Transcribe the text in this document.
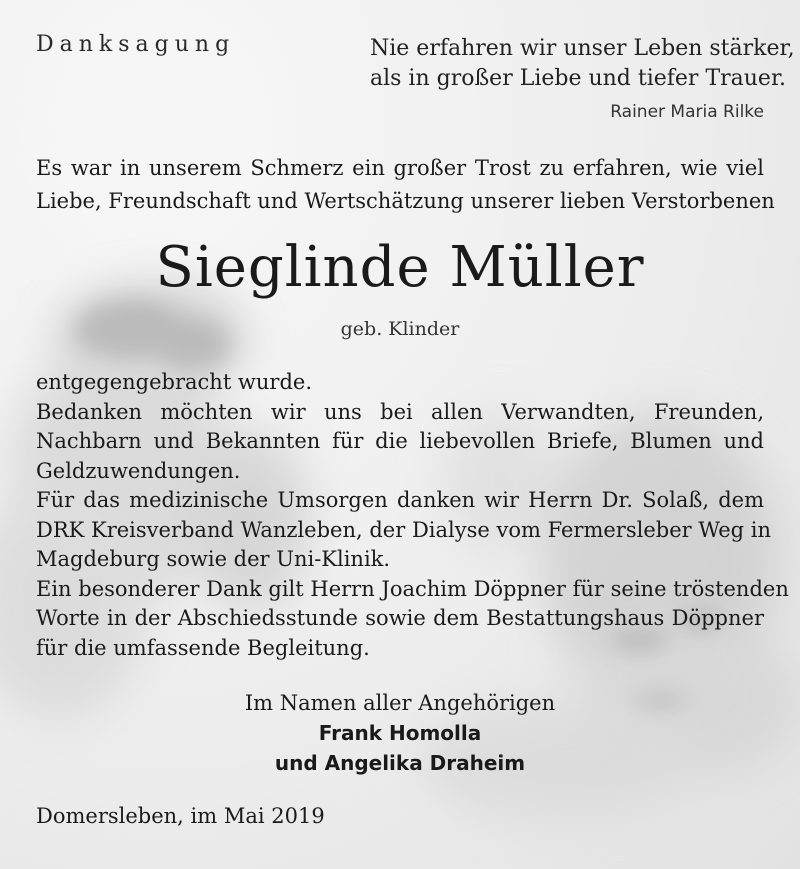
Danksagung	Nie erfahren wir unser Leben stärker,
als in großer Liebe und tiefer Trauer.

Rainer Maria Rilke

Es war in unserem Schmerz ein großer Trost zu erfahren, wie viel
Liebe, Freundschaft und Wertschätzung unserer lieben Verstorbenen

Sieglinde Müller

geb. Klinder

entgegengebracht wurde.
Bedanken möchten wir uns bei allen Verwandten, Freunden,
Nachbarn und Bekannten für die liebevollen Briefe, Blumen und
Geldzuwendungen.
Für das medizinische Umsorgen danken wir Herrn Dr. Solaß, dem
DRK Kreisverband Wanzleben, der Dialyse vom Fermersleber Weg in
Magdeburg sowie der Uni-Klinik.
Ein besonderer Dank gilt Herrn Joachim Döppner für seine tröstenden
Worte in der Abschiedsstunde sowie dem Bestattungshaus Döppner
für die umfassende Begleitung.
Im Namen aller Angehörigen
Frank Homolla
und Angelika Draheim

Domersleben, im Mai 2019
